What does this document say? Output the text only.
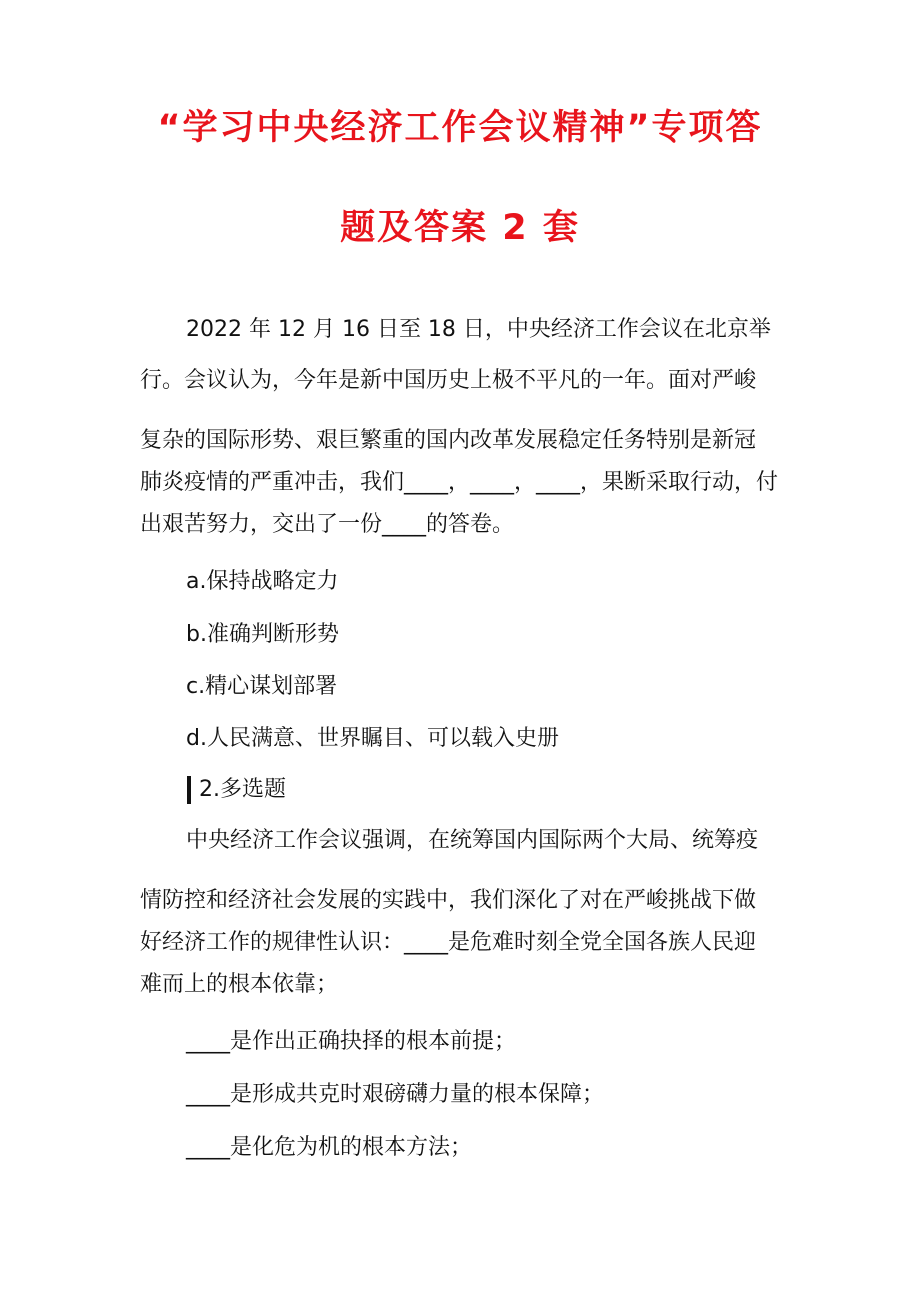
“学习中央经济工作会议精神”专项答
题及答案 2 套
2022 年 12 月 16 日至 18 日，中央经济工作会议在北京举
行。会议认为，今年是新中国历史上极不平凡的一年。面对严峻
复杂的国际形势、艰巨繁重的国内改革发展稳定任务特别是新冠
肺炎疫情的严重冲击，我们____，____，____，果断采取行动，付
出艰苦努力，交出了一份____的答卷。
a.保持战略定力
b.准确判断形势
c.精心谋划部署
d.人民满意、世界瞩目、可以载入史册
2.多选题
中央经济工作会议强调，在统筹国内国际两个大局、统筹疫
情防控和经济社会发展的实践中，我们深化了对在严峻挑战下做
好经济工作的规律性认识：____是危难时刻全党全国各族人民迎
难而上的根本依靠；
____是作出正确抉择的根本前提；
____是形成共克时艰磅礴力量的根本保障；
____是化危为机的根本方法；
